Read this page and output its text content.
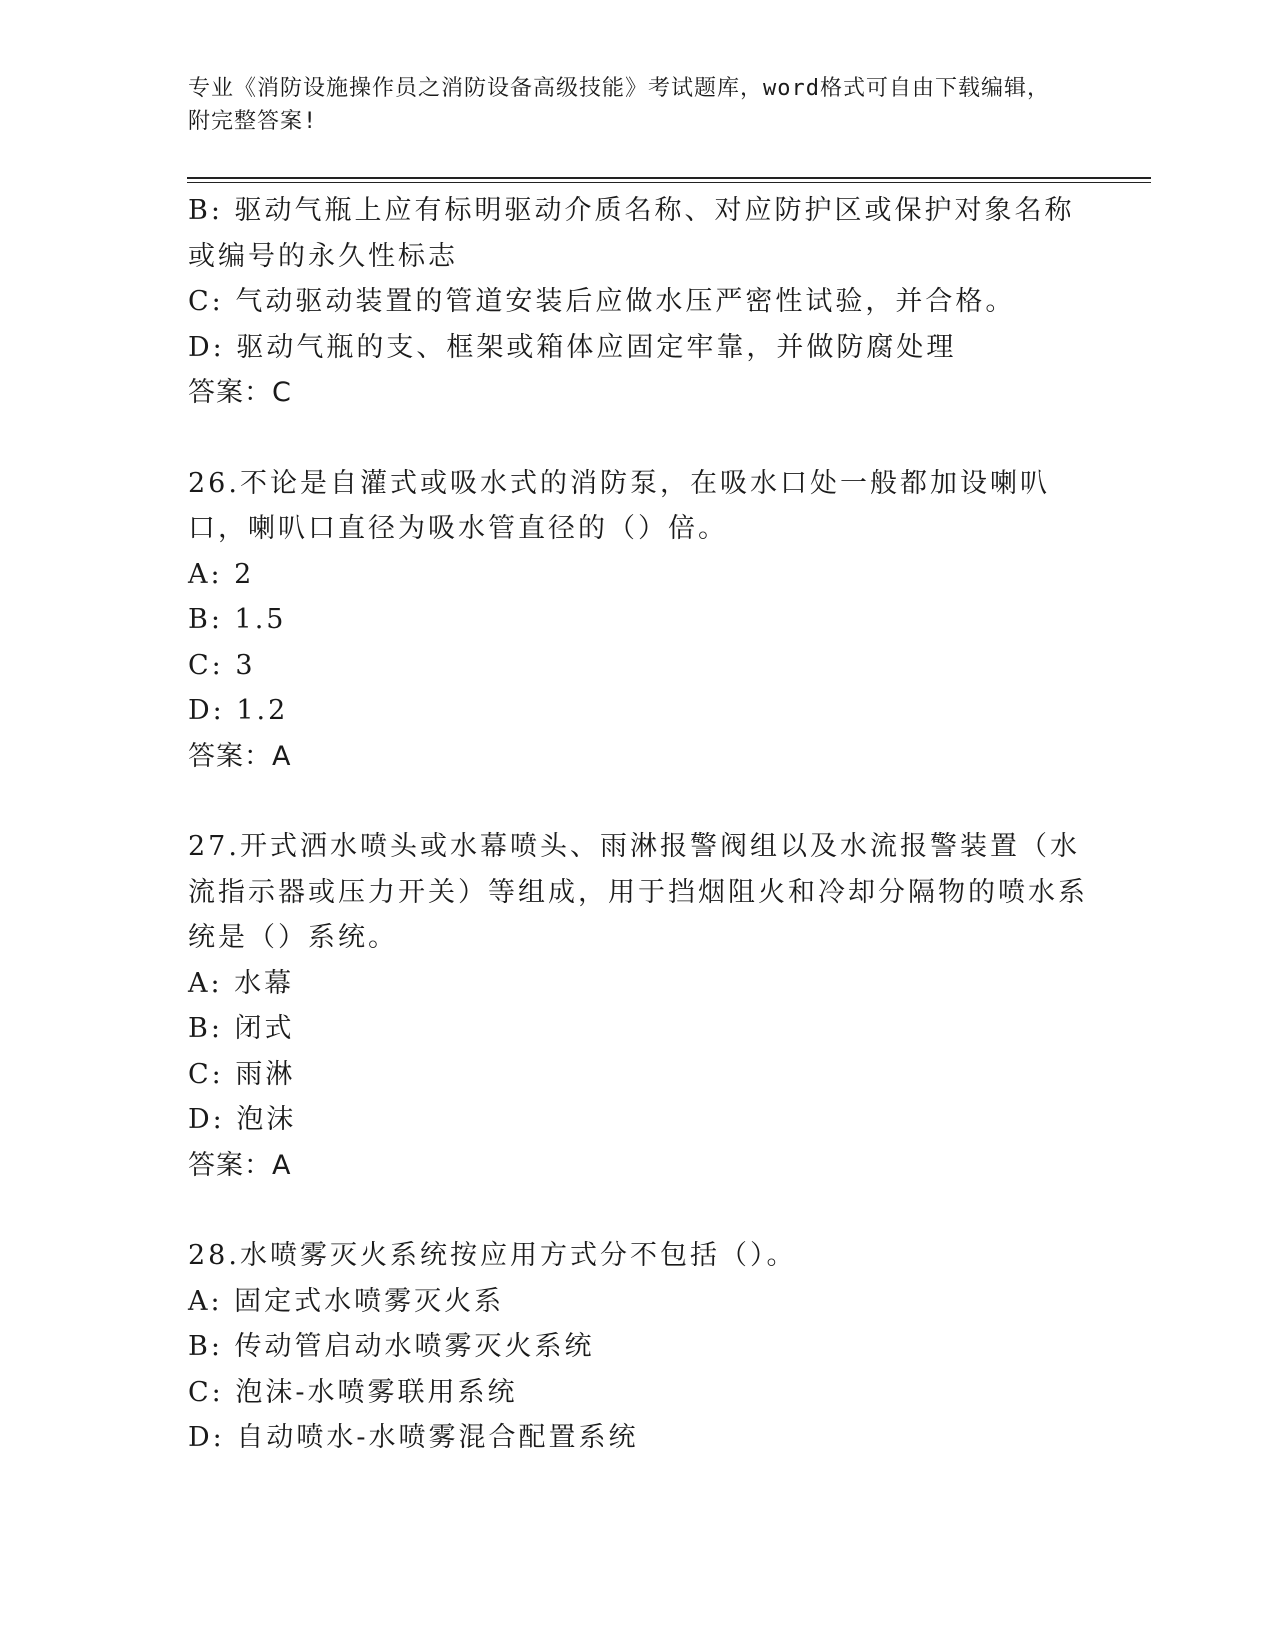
专业《消防设施操作员之消防设备高级技能》考试题库，word格式可自由下载编辑，附完整答案!
B: 驱动气瓶上应有标明驱动介质名称、对应防护区或保护对象名称或编号的永久性标志
C: 气动驱动装置的管道安装后应做水压严密性试验，并合格。
D: 驱动气瓶的支、框架或箱体应固定牢靠，并做防腐处理
答案：C
26.不论是自灌式或吸水式的消防泵，在吸水口处一般都加设喇叭口，喇叭口直径为吸水管直径的（）倍。
A: 2
B: 1.5
C: 3
D: 1.2
答案：A
27.开式洒水喷头或水幕喷头、雨淋报警阀组以及水流报警装置（水流指示器或压力开关）等组成，用于挡烟阻火和冷却分隔物的喷水系统是（）系统。
A: 水幕
B: 闭式
C: 雨淋
D: 泡沫
答案：A
28.水喷雾灭火系统按应用方式分不包括（）。
A: 固定式水喷雾灭火系
B: 传动管启动水喷雾灭火系统
C: 泡沫-水喷雾联用系统
D: 自动喷水-水喷雾混合配置系统
